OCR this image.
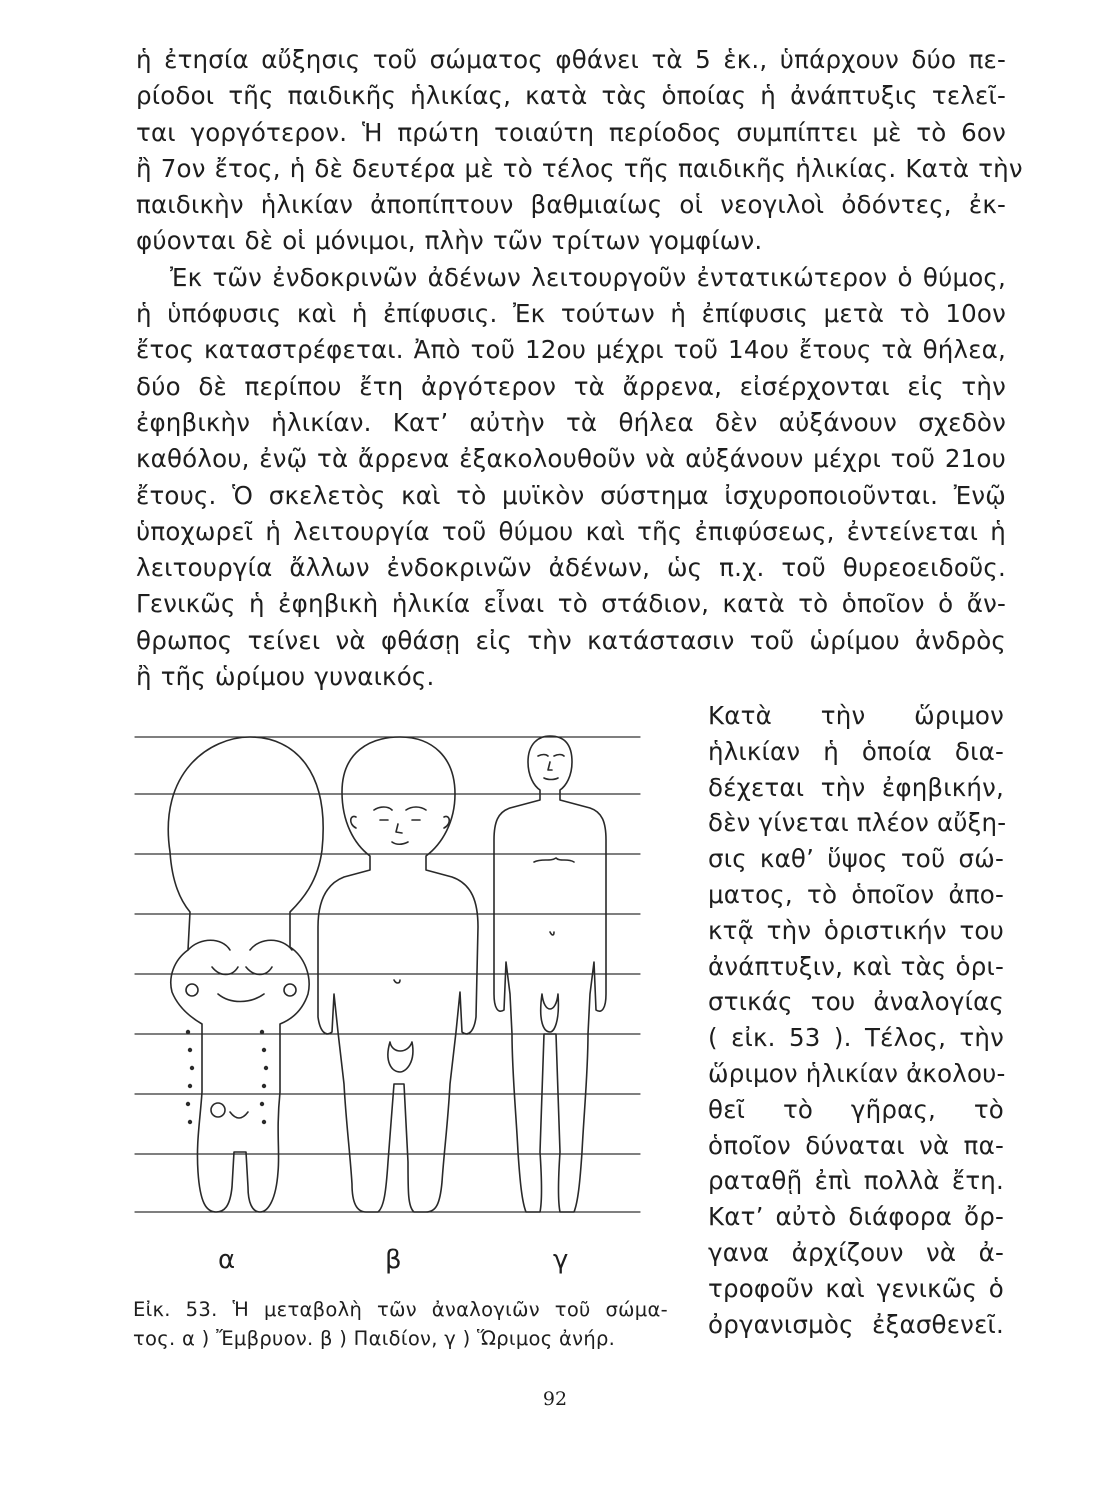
ἡ ἐτησία αὔξησις τοῦ σώματος φθάνει τὰ 5 ἑκ., ὑπάρχουν δύο πε-
ρίοδοι τῆς παιδικῆς ἡλικίας, κατὰ τὰς ὁποίας ἡ ἀνάπτυξις τελεῖ-
ται γοργότερον. Ἡ πρώτη τοιαύτη περίοδος συμπίπτει μὲ τὸ 6ον
ἢ 7ον ἔτος, ἡ δὲ δευτέρα μὲ τὸ τέλος τῆς παιδικῆς ἡλικίας. Κατὰ τὴν
παιδικὴν ἡλικίαν ἀποπίπτουν βαθμιαίως οἱ νεογιλοὶ ὀδόντες, ἐκ-
φύονται δὲ οἱ μόνιμοι, πλὴν τῶν τρίτων γομφίων.
Ἐκ τῶν ἐνδοκρινῶν ἀδένων λειτουργοῦν ἐντατικώτερον ὁ θύμος,
ἡ ὑπόφυσις καὶ ἡ ἐπίφυσις. Ἐκ τούτων ἡ ἐπίφυσις μετὰ τὸ 10ον
ἔτος καταστρέφεται. Ἀπὸ τοῦ 12ου μέχρι τοῦ 14ου ἔτους τὰ θήλεα,
δύο δὲ περίπου ἔτη ἀργότερον τὰ ἄρρενα, εἰσέρχονται εἰς τὴν
ἐφηβικὴν ἡλικίαν. Κατ’ αὐτὴν τὰ θήλεα δὲν αὐξάνουν σχεδὸν
καθόλου, ἐνῷ τὰ ἄρρενα ἐξακολουθοῦν νὰ αὐξάνουν μέχρι τοῦ 21ου
ἔτους. Ὁ σκελετὸς καὶ τὸ μυϊκὸν σύστημα ἰσχυροποιοῦνται. Ἐνῷ
ὑποχωρεῖ ἡ λειτουργία τοῦ θύμου καὶ τῆς ἐπιφύσεως, ἐντείνεται ἡ
λειτουργία ἄλλων ἐνδοκρινῶν ἀδένων, ὡς π.χ. τοῦ θυρεοειδοῦς.
Γενικῶς ἡ ἐφηβικὴ ἡλικία εἶναι τὸ στάδιον, κατὰ τὸ ὁποῖον ὁ ἄν-
θρωπος τείνει νὰ φθάσῃ εἰς τὴν κατάστασιν τοῦ ὡρίμου ἀνδρὸς
ἢ τῆς ὡρίμου γυναικός.
Κατὰ τὴν ὥριμον
ἡλικίαν ἡ ὁποία δια-
δέχεται τὴν ἐφηβικήν,
δὲν γίνεται πλέον αὔξη-
σις καθ’ ὕψος τοῦ σώ-
ματος, τὸ ὁποῖον ἀπο-
κτᾷ τὴν ὁριστικήν του
ἀνάπτυξιν, καὶ τὰς ὁρι-
στικάς του ἀναλογίας
( εἰκ. 53 ). Τέλος, τὴν
ὥριμον ἡλικίαν ἀκολου-
θεῖ τὸ γῆρας, τὸ
ὁποῖον δύναται νὰ πα-
ραταθῇ ἐπὶ πολλὰ ἔτη.
Κατ’ αὐτὸ διάφορα ὄρ-
γανα ἀρχίζουν νὰ ἀ-
τροφοῦν καὶ γενικῶς ὁ
ὀργανισμὸς ἐξασθενεῖ.
α	β	γ
Εἰκ. 53. Ἡ μεταβολὴ τῶν ἀναλογιῶν τοῦ σώμα-
τος. α ) Ἔμβρυον. β ) Παιδίον, γ ) Ὥριμος ἀνήρ.
92
